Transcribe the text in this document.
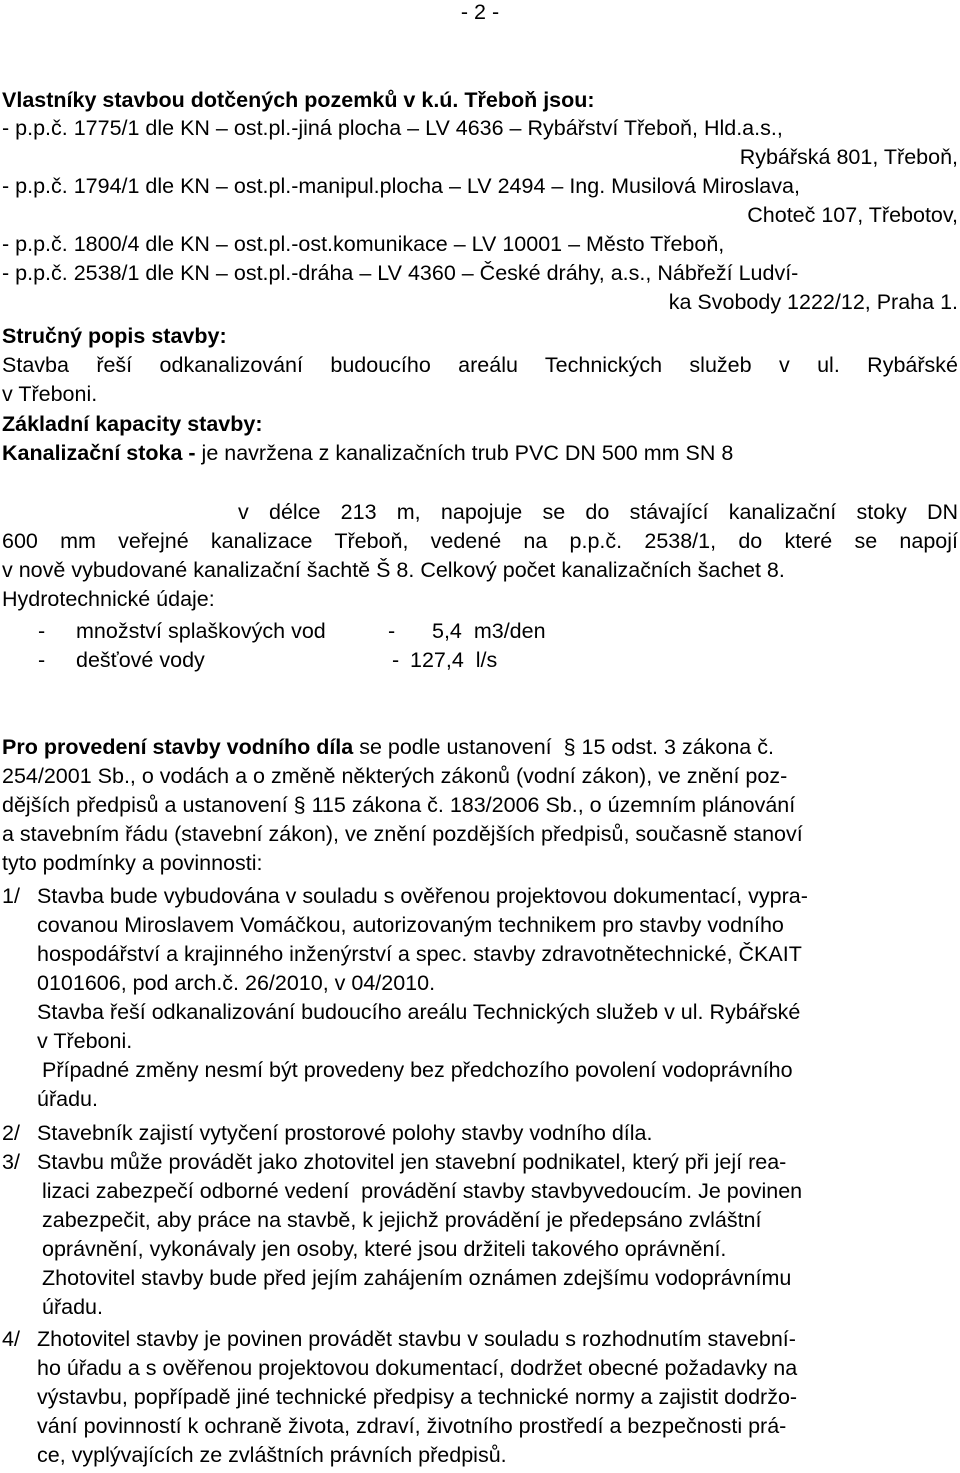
- 2 -
Vlastníky stavbou dotčených pozemků v k.ú. Třeboň jsou:
- p.p.č. 1775/1 dle KN – ost.pl.-jiná plocha – LV 4636 – Rybářství Třeboň, Hld.a.s.,
Rybářská 801, Třeboň,
- p.p.č. 1794/1 dle KN – ost.pl.-manipul.plocha – LV 2494 – Ing. Musilová Miroslava,
Choteč 107, Třebotov,
- p.p.č. 1800/4 dle KN – ost.pl.-ost.komunikace – LV 10001 – Město Třeboň,
- p.p.č. 2538/1 dle KN – ost.pl.-dráha – LV 4360 – České dráhy, a.s., Nábřeží Ludví-
ka Svobody 1222/12, Praha 1.
Stručný popis stavby:
Stavba řeší odkanalizování budoucího areálu Technických služeb v ul. Rybářské
v Třeboni.
Základní kapacity stavby:
Kanalizační stoka - je navržena z kanalizačních trub PVC DN 500 mm SN 8
v délce 213 m, napojuje se do stávající kanalizační stoky DN
600 mm veřejné kanalizace Třeboň, vedené na p.p.č. 2538/1, do které se napojí
v nově vybudované kanalizační šachtě Š 8. Celkový počet kanalizačních šachet 8.
Hydrotechnické údaje:
- množství splaškových vod	- 5,4  m3/den
- dešťové vody	- 127,4  l/s
Pro provedení stavby vodního díla se podle ustanovení  § 15 odst. 3 zákona č.
254/2001 Sb., o vodách a o změně některých zákonů (vodní zákon), ve znění poz-
dějších předpisů a ustanovení § 115 zákona č. 183/2006 Sb., o územním plánování
a stavebním řádu (stavební zákon), ve znění pozdějších předpisů, současně stanoví
tyto podmínky a povinnosti:
1/ Stavba bude vybudována v souladu s ověřenou projektovou dokumentací, vypra-
covanou Miroslavem Vomáčkou, autorizovaným technikem pro stavby vodního
hospodářství a krajinného inženýrství a spec. stavby zdravotnětechnické, ČKAIT
0101606, pod arch.č. 26/2010, v 04/2010.
Stavba řeší odkanalizování budoucího areálu Technických služeb v ul. Rybářské
v Třeboni.
Případné změny nesmí být provedeny bez předchozího povolení vodoprávního
úřadu.
2/ Stavebník zajistí vytyčení prostorové polohy stavby vodního díla.
3/ Stavbu může provádět jako zhotovitel jen stavební podnikatel, který při její rea-
lizaci zabezpečí odborné vedení  provádění stavby stavbyvedoucím. Je povinen
zabezpečit, aby práce na stavbě, k jejichž provádění je předepsáno zvláštní
oprávnění, vykonávaly jen osoby, které jsou držiteli takového oprávnění.
Zhotovitel stavby bude před jejím zahájením oznámen zdejšímu vodoprávnímu
úřadu.
4/ Zhotovitel stavby je povinen provádět stavbu v souladu s rozhodnutím stavební-
ho úřadu a s ověřenou projektovou dokumentací, dodržet obecné požadavky na
výstavbu, popřípadě jiné technické předpisy a technické normy a zajistit dodržo-
vání povinností k ochraně života, zdraví, životního prostředí a bezpečnosti prá-
ce, vyplývajících ze zvláštních právních předpisů.
